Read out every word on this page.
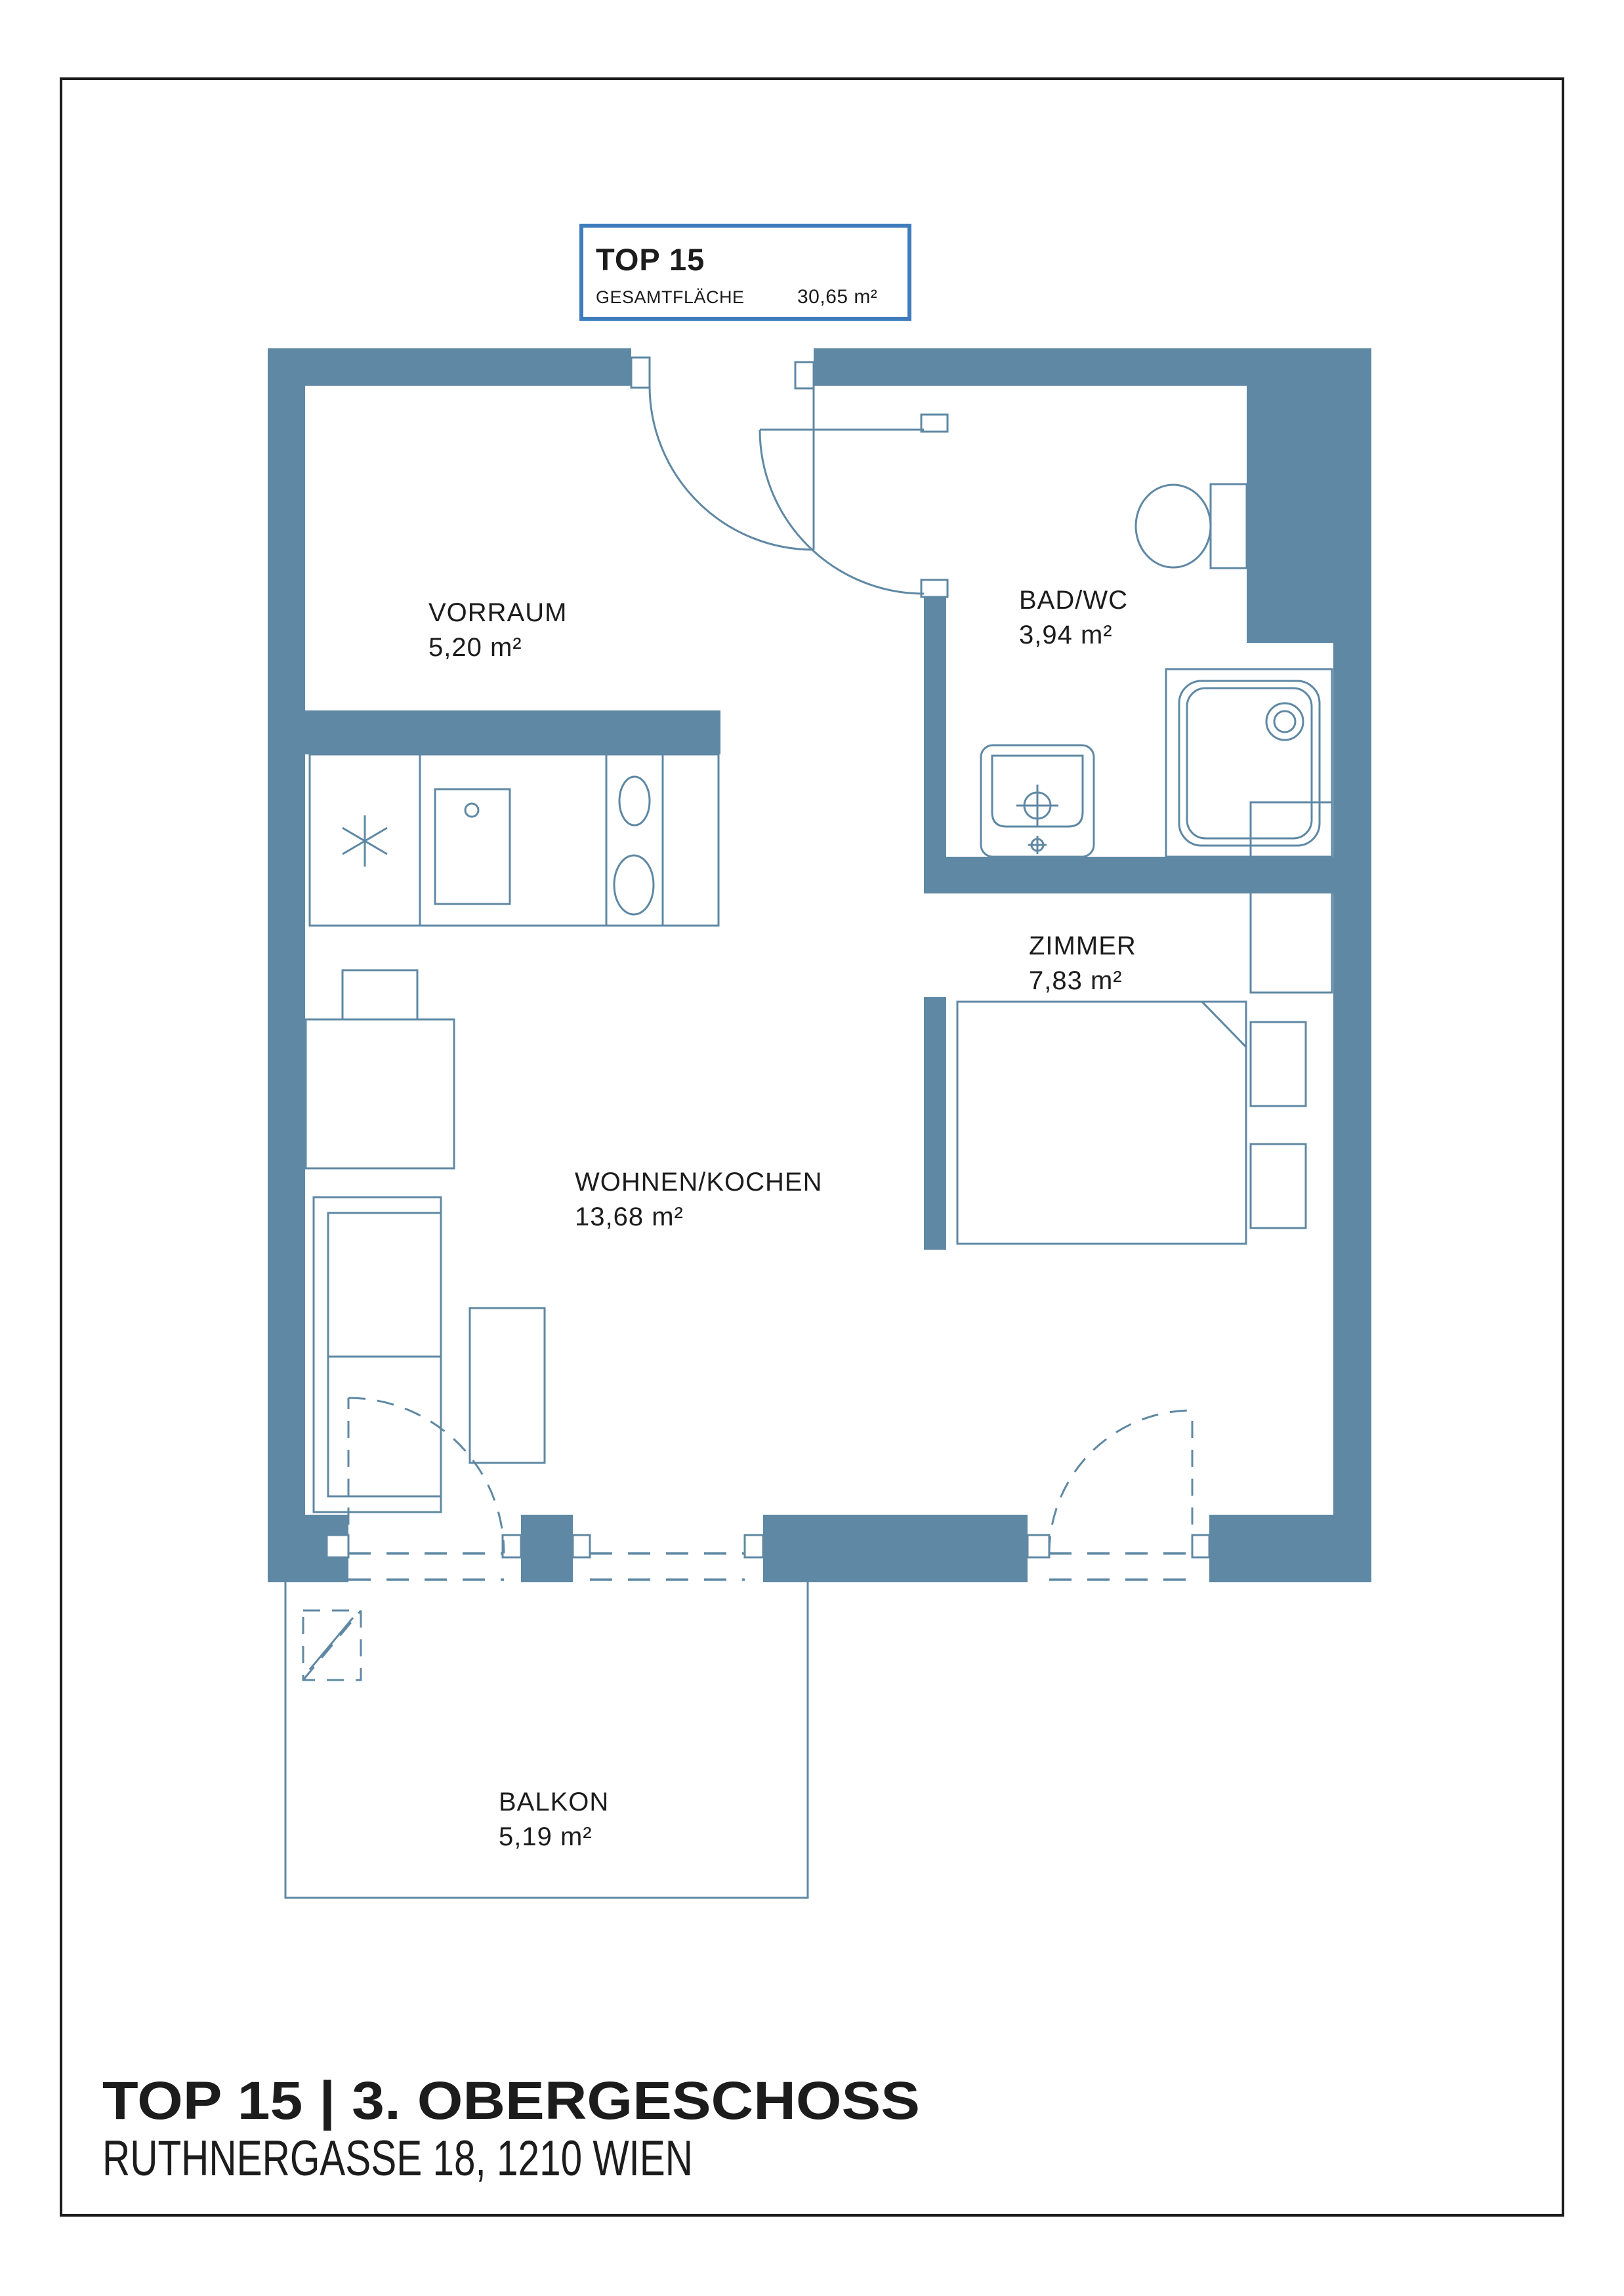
TOP 15
GESAMTFLÄCHE	30,65 m²
VORRAUM
5,20 m²
BAD/WC
3,94 m²
ZIMMER
7,83 m²
WOHNEN/KOCHEN
13,68 m²
BALKON
5,19 m²
TOP 15 | 3. OBERGESCHOSS
RUTHNERGASSE 18, 1210 WIEN
